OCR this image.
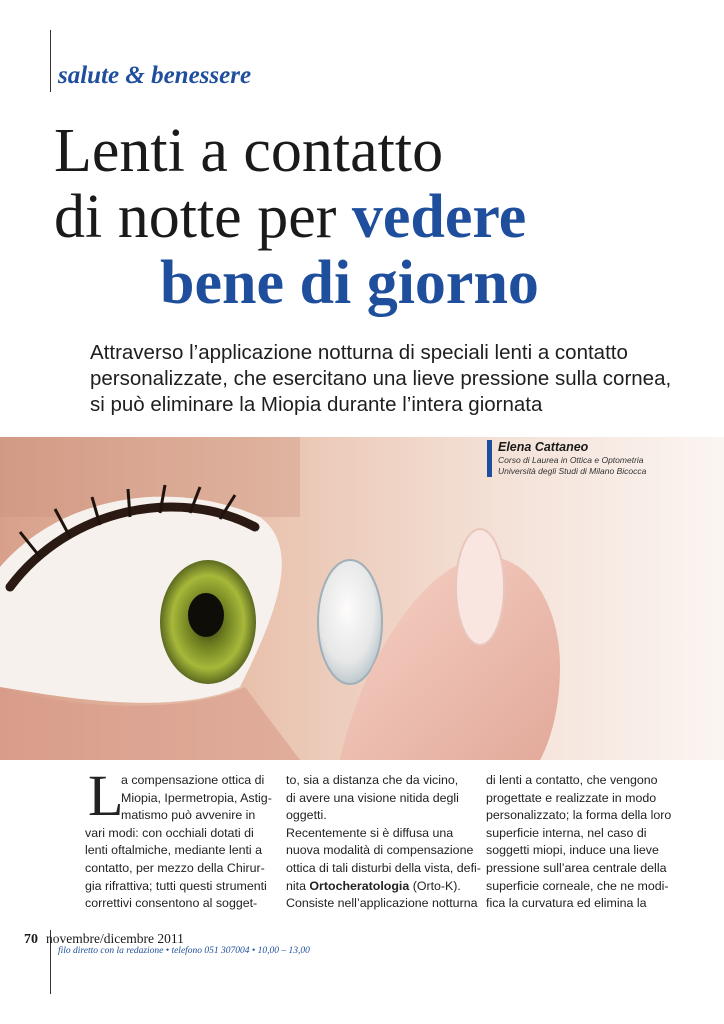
salute & benessere
Lenti a contatto
di notte per vedere
bene di giorno

Attraverso l’applicazione notturna di speciali lenti a contatto personalizzate, che esercitano una lieve pressione sulla cornea, si può eliminare la Miopia durante l’intera giornata

Elena Cattaneo
Corso di Laurea in Ottica e Optometria
Università degli Studi di Milano Bicocca
L
a compensazione ottica di
Miopia, Ipermetropia, Astig-
matismo può avvenire in
vari modi: con occhiali dotati di
lenti oftalmiche, mediante lenti a
contatto, per mezzo della Chirur-
gia rifrattiva; tutti questi strumenti
correttivi consentono al sogget-
to, sia a distanza che da vicino,
di avere una visione nitida degli
oggetti.
Recentemente si è diffusa una
nuova modalità di compensazione
ottica di tali disturbi della vista, defi-
nita Ortocheratologia (Orto-K).
Consiste nell’applicazione notturna
di lenti a contatto, che vengono
progettate e realizzate in modo
personalizzato; la forma della loro
superficie interna, nel caso di
soggetti miopi, induce una lieve
pressione sull’area centrale della
superficie corneale, che ne modi-
fica la curvatura ed elimina la
70 novembre/dicembre 2011
filo diretto con la redazione • telefono 051 307004 • 10,00 – 13,00
